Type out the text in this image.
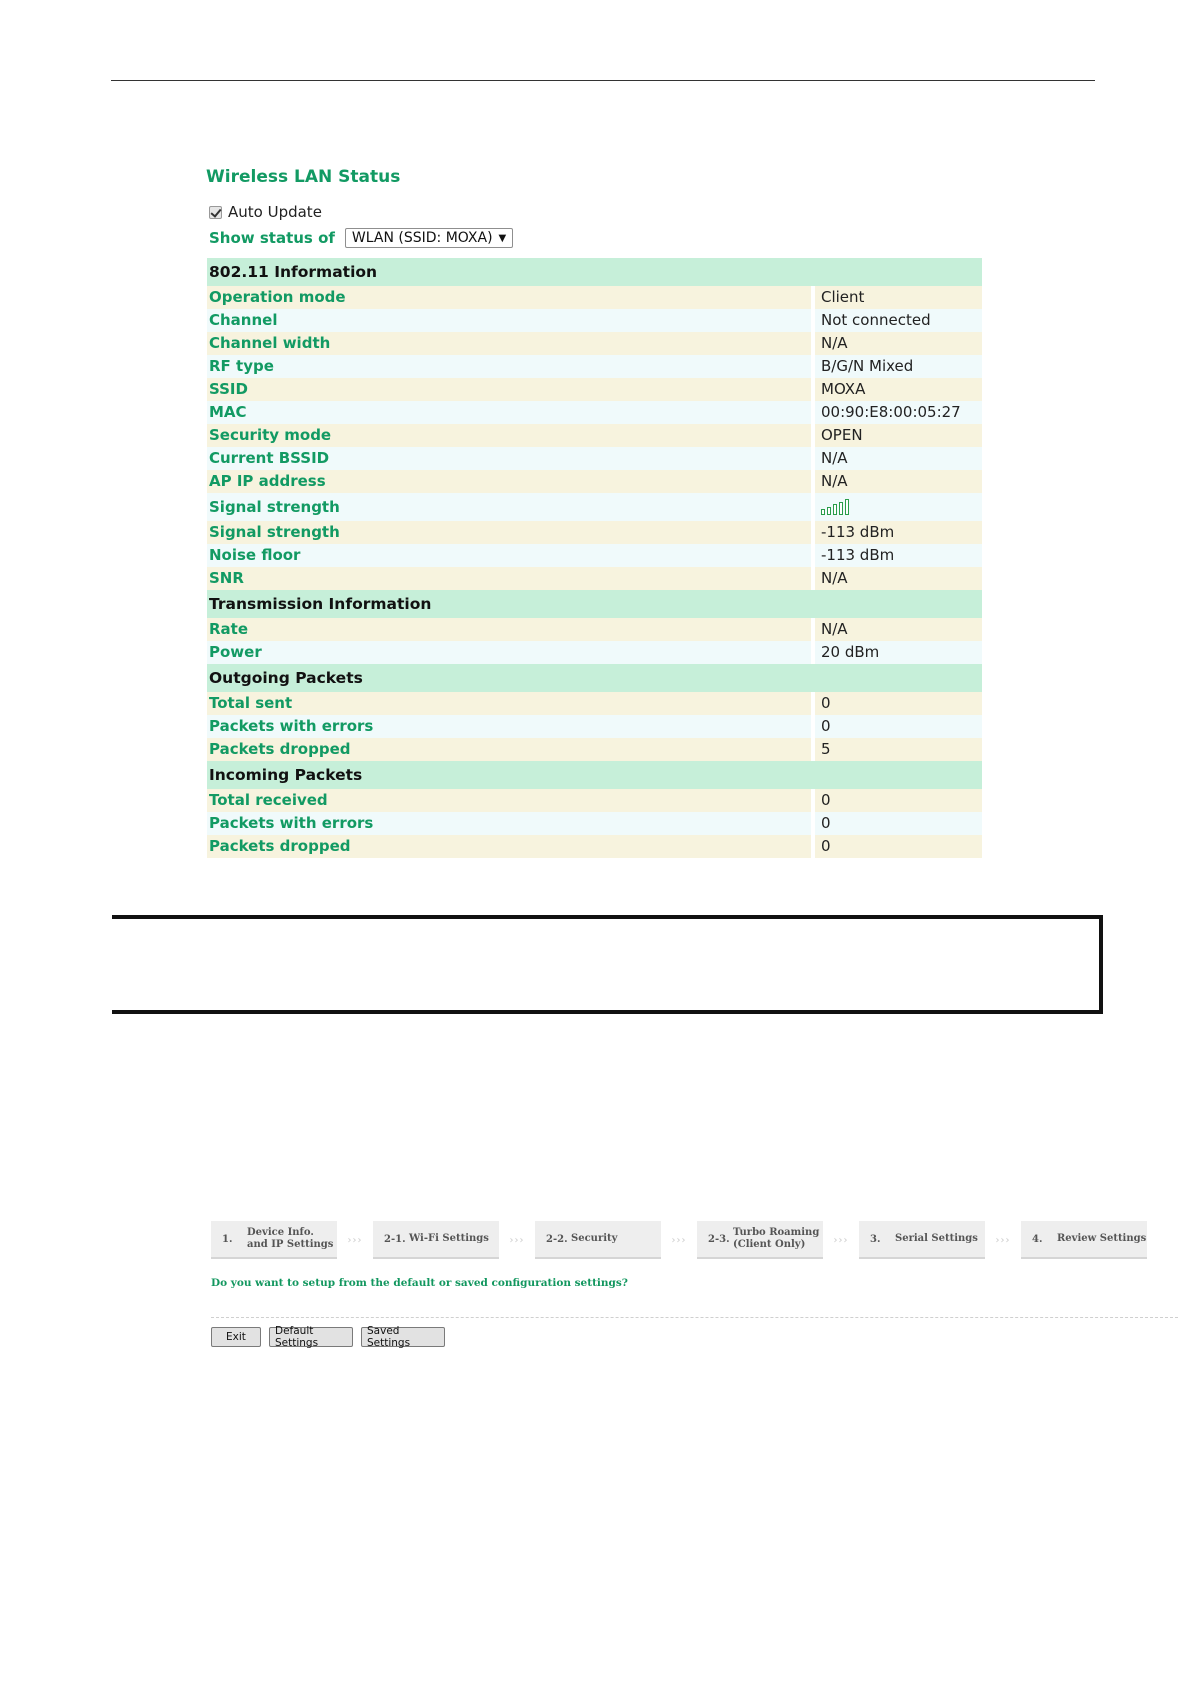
Wireless LAN Status
Auto Update
Show status of WLAN (SSID: MOXA) ▼
802.11 Information	
Operation mode	Client
Channel	Not connected
Channel width	N/A
RF type	B/G/N Mixed
SSID	MOXA
MAC	00:90:E8:00:05:27
Security mode	OPEN
Current BSSID	N/A
AP IP address	N/A
Signal strength	

Signal strength	-113 dBm
Noise floor	-113 dBm
SNR	N/A
Transmission Information	
Rate	N/A
Power	20 dBm
Outgoing Packets	
Total sent	0
Packets with errors	0
Packets dropped	5
Incoming Packets	
Total received	0
Packets with errors	0
Packets dropped	0
1.
Device Info.
and IP Settings	›››	2-1. Wi-Fi Settings	›››	2-2. Security	›››	2-3.
Turbo Roaming
(Client Only)	›››	3.	Serial Settings	›››	4.	Review Settings
Do you want to setup from the default or saved configuration settings?
Exit	Default Settings
Saved Settings
